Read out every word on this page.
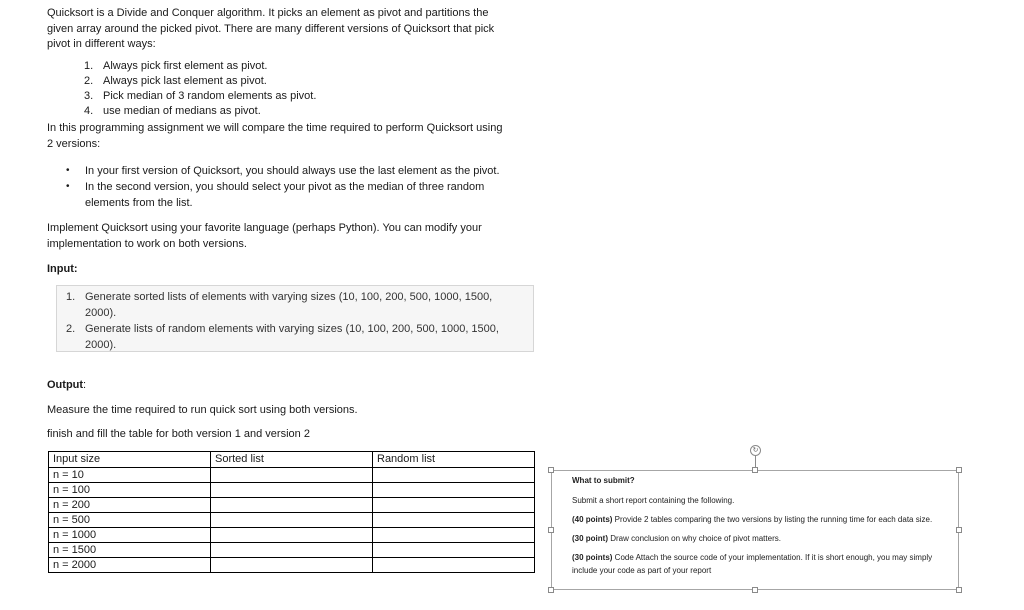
Quicksort is a Divide and Conquer algorithm. It picks an element as pivot and partitions the
given array around the picked pivot. There are many different versions of Quicksort that pick
pivot in different ways:
1. Always pick first element as pivot.
2. Always pick last element as pivot.
3. Pick median of 3 random elements as pivot.
4. use median of medians as pivot.
In this programming assignment we will compare the time required to perform Quicksort using
2 versions:
•	In your first version of Quicksort, you should always use the last element as the pivot.
•	In the second version, you should select your pivot as the median of three random elements from the list.
Implement Quicksort using your favorite language (perhaps Python). You can modify your
implementation to work on both versions.
Input:
1. Generate sorted lists of elements with varying sizes (10, 100, 200, 500, 1000, 1500, 2000).
2. Generate lists of random elements with varying sizes (10, 100, 200, 500, 1000, 1500, 2000).
Output:
Measure the time required to run quick sort using both versions.
finish and fill the table for both version 1 and version 2
Input size	Sorted list	Random list
n = 10		
n = 100		
n = 200		
n = 500		
n = 1000		
n = 1500		
n = 2000		
↻
What to submit?
Submit a short report containing the following.
(40 points) Provide 2 tables comparing the two versions by listing the running time for each data size.
(30 point) Draw conclusion on why choice of pivot matters.
(30 points) Code Attach the source code of your implementation. If it is short enough, you may simply include your code as part of your report
